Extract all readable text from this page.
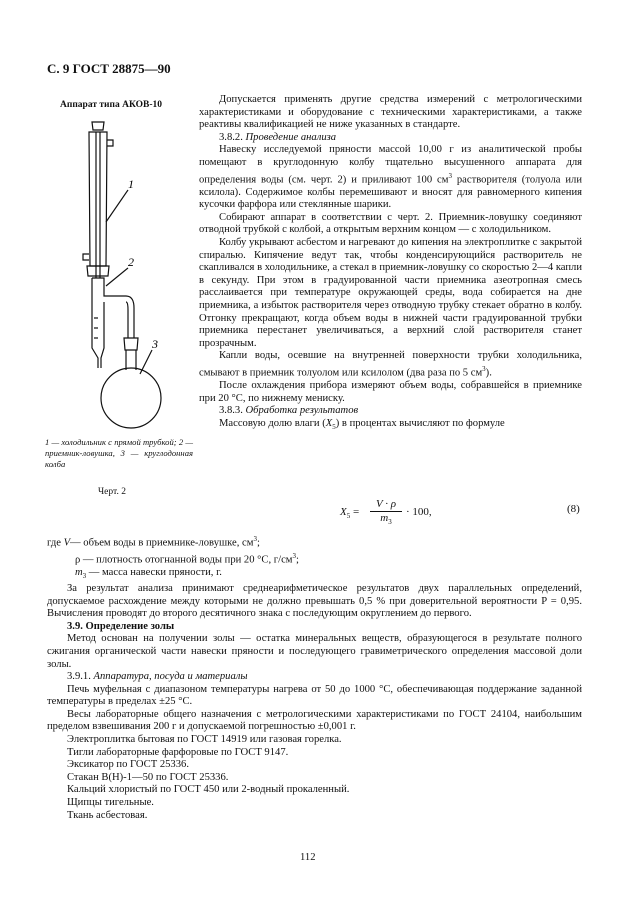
С. 9 ГОСТ 28875—90
Аппарат типа АКОВ-10
1
2
3
1 — холодильник с прямой трубкой; 2 — приемник-ловушка, 3 — круглодонная колба
Черт. 2

Допускается применять другие средства измерений с метрологическими характеристиками и оборудование с техническими характеристиками, а также реактивы квалификацией не ниже указанных в стандарте.

3.8.2. Проведение анализа

Навеску исследуемой пряности массой 10,00 г из аналитической пробы помещают в круглодонную колбу тщательно высушенного аппарата для определения воды (см. черт. 2) и приливают 100 $см^3$ растворителя (толуола или ксилола). Содержимое колбы перемешивают и вносят для равномерного кипения кусочки фарфора или стеклянные шарики.

Собирают аппарат в соответствии с черт. 2. Приемник-ловушку соединяют отводной трубкой с колбой, а открытым верхним концом — с холодильником.

Колбу укрывают асбестом и нагревают до кипения на электроплитке с закрытой спиралью. Кипячение ведут так, чтобы конденсирующийся растворитель не скапливался в холодильнике, а стекал в приемник-ловушку со скоростью 2—4 капли в секунду. При этом в градуированной части приемника азеотропная смесь расслаивается при температуре окружающей среды, вода собирается на дне приемника, а избыток растворителя через отводную трубку стекает обратно в колбу. Отгонку прекращают, когда объем воды в нижней части градуированной трубки приемника перестанет увеличиваться, а верхний слой растворителя станет прозрачным.

Капли воды, осевшие на внутренней поверхности трубки холодильника, смывают в приемник толуолом или ксилолом (два раза по 5 $см^3$).

После охлаждения прибора измеряют объем воды, собравшейся в приемнике при 20 °С, по нижнему мениску.

3.8.3. Обработка результатов

Массовую долю влаги $(X_5)$ в процентах вычисляют по формуле

$X_5 = \frac{V \cdot \rho}{m_3} \cdot 100$,	(8)

где V— объем воды в приемнике-ловушке, $см^3$;

ρ — плотность отогнанной воды при 20 °С, $г/см^3$;

$m_3$ — масса навески пряности, г.

За результат анализа принимают среднеарифметическое результатов двух параллельных определений, допускаемое расхождение между которыми не должно превышать 0,5 % при доверительной вероятности P = 0,95. Вычисления проводят до второго десятичного знака с последующим округлением до первого.

3.9. Определение золы

Метод основан на получении золы — остатка минеральных веществ, образующегося в результате полного сжигания органической части навески пряности и последующего гравиметрического определения массовой доли золы.

3.9.1. Аппаратура, посуда и материалы

Печь муфельная с диапазоном температуры нагрева от 50 до 1000 °С, обеспечивающая поддержание заданной температуры в пределах ±25 °С.

Весы лабораторные общего назначения с метрологическими характеристиками по ГОСТ 24104, наибольшим пределом взвешивания 200 г и допускаемой погрешностью ±0,001 г.

Электроплитка бытовая по ГОСТ 14919 или газовая горелка.

Тигли лабораторные фарфоровые по ГОСТ 9147.

Эксикатор по ГОСТ 25336.

Стакан В(Н)-1—50 по ГОСТ 25336.

Кальций хлористый по ГОСТ 450 или 2-водный прокаленный.

Щипцы тигельные.

Ткань асбестовая.

112
